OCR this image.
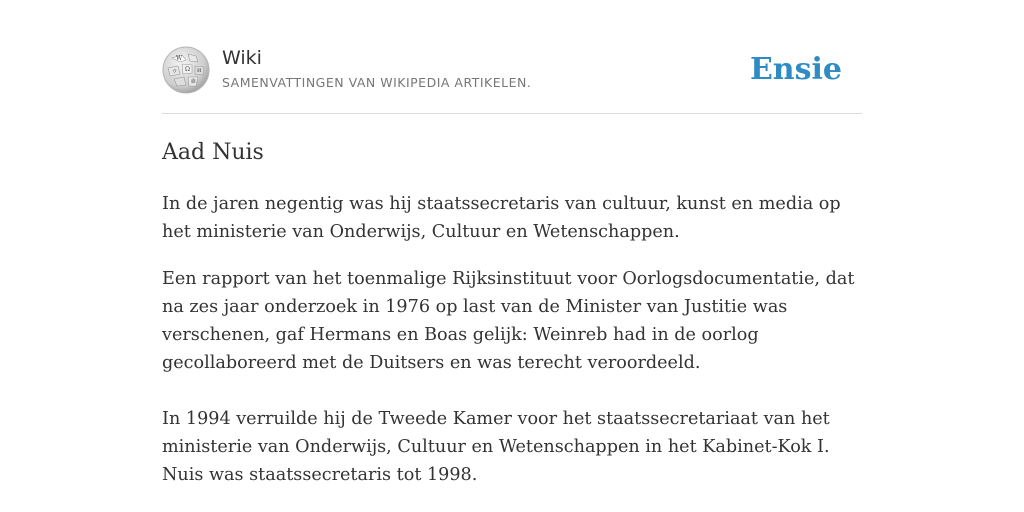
W
Ω И
ウ
維
Wiki
SAMENVATTINGEN VAN WIKIPEDIA ARTIKELEN.	Ensie
Aad Nuis

In de jaren negentig was hij staatssecretaris van cultuur, kunst en media op het ministerie van Onderwijs, Cultuur en Wetenschappen.

Een rapport van het toenmalige Rijksinstituut voor Oorlogsdocumentatie, dat na zes jaar onderzoek in 1976 op last van de Minister van Justitie was verschenen, gaf Hermans en Boas gelijk: Weinreb had in de oorlog gecollaboreerd met de Duitsers en was terecht veroordeeld.

In 1994 verruilde hij de Tweede Kamer voor het staatssecretariaat van het ministerie van Onderwijs, Cultuur en Wetenschappen in het Kabinet-Kok I. Nuis was staatssecretaris tot 1998.
